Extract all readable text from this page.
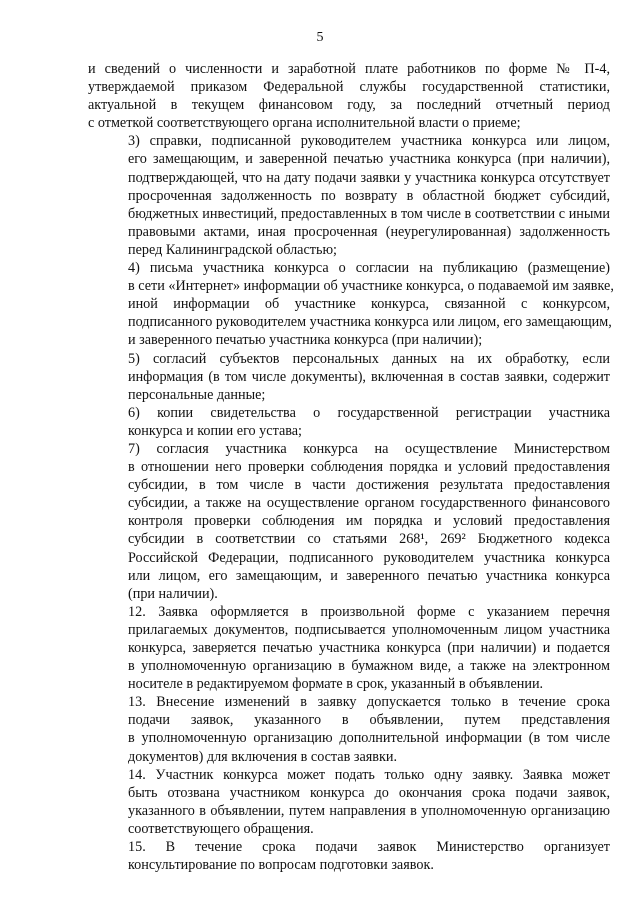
5

и сведений о численности и заработной плате работников по форме № П-4,
утверждаемой приказом Федеральной службы государственной статистики,
актуальной в текущем финансовом году, за последний отчетный период
с отметкой соответствующего органа исполнительной власти о приеме;

3) справки, подписанной руководителем участника конкурса или лицом,
его замещающим, и заверенной печатью участника конкурса (при наличии),
подтверждающей, что на дату подачи заявки у участника конкурса отсутствует
просроченная задолженность по возврату в областной бюджет субсидий,
бюджетных инвестиций, предоставленных в том числе в соответствии с иными
правовыми актами, иная просроченная (неурегулированная) задолженность
перед Калининградской областью;

4) письма участника конкурса о согласии на публикацию (размещение)
в сети «Интернет» информации об участнике конкурса, о подаваемой им заявке,
иной информации об участнике конкурса, связанной с конкурсом,
подписанного руководителем участника конкурса или лицом, его замещающим,
и заверенного печатью участника конкурса (при наличии);

5) согласий субъектов персональных данных на их обработку, если
информация (в том числе документы), включенная в состав заявки, содержит
персональные данные;

6) копии свидетельства о государственной регистрации участника
конкурса и копии его устава;

7) согласия участника конкурса на осуществление Министерством
в отношении него проверки соблюдения порядка и условий предоставления
субсидии, в том числе в части достижения результата предоставления
субсидии, а также на осуществление органом государственного финансового
контроля проверки соблюдения им порядка и условий предоставления
субсидии в соответствии со статьями 268¹, 269² Бюджетного кодекса
Российской Федерации, подписанного руководителем участника конкурса
или лицом, его замещающим, и заверенного печатью участника конкурса
(при наличии).

12. Заявка оформляется в произвольной форме с указанием перечня
прилагаемых документов, подписывается уполномоченным лицом участника
конкурса, заверяется печатью участника конкурса (при наличии) и подается
в уполномоченную организацию в бумажном виде, а также на электронном
носителе в редактируемом формате в срок, указанный в объявлении.

13. Внесение изменений в заявку допускается только в течение срока
подачи заявок, указанного в объявлении, путем представления
в уполномоченную организацию дополнительной информации (в том числе
документов) для включения в состав заявки.

14. Участник конкурса может подать только одну заявку. Заявка может
быть отозвана участником конкурса до окончания срока подачи заявок,
указанного в объявлении, путем направления в уполномоченную организацию
соответствующего обращения.

15. В течение срока подачи заявок Министерство организует
консультирование по вопросам подготовки заявок.
